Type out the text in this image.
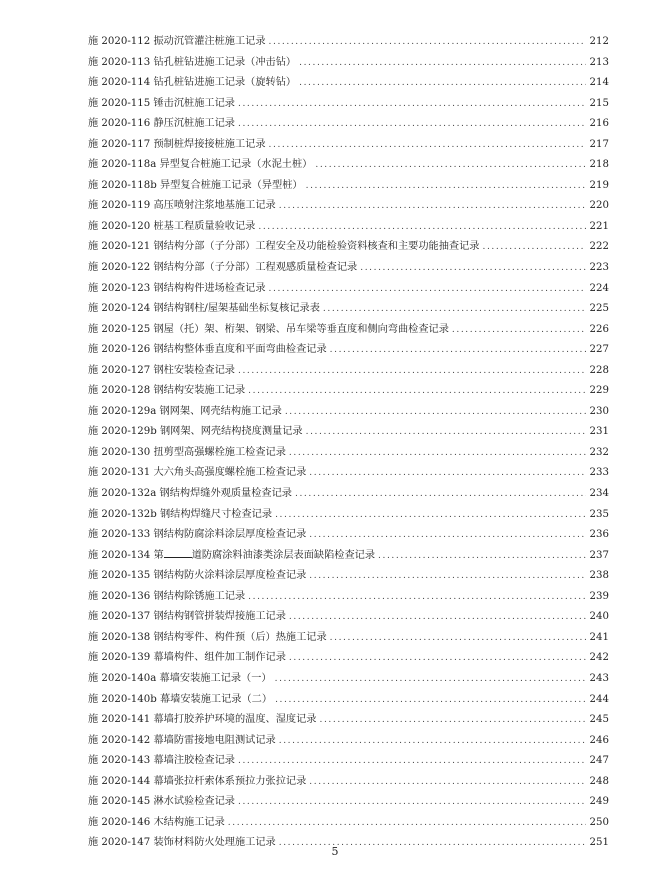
施 2020-112 振动沉管灌注桩施工记录 .....	212
施 2020-113 钻孔桩钻进施工记录（冲击钻） .....	213
施 2020-114 钻孔桩钻进施工记录（旋转钻） .....	214
施 2020-115 锤击沉桩施工记录 .....	215
施 2020-116 静压沉桩施工记录 .....	216
施 2020-117 预制桩焊接接桩施工记录 .....	217
施 2020-118a 异型复合桩施工记录（水泥土桩） .....	218
施 2020-118b 异型复合桩施工记录（异型桩） .....	219
施 2020-119 高压喷射注浆地基施工记录 .....	220
施 2020-120 桩基工程质量验收记录 .....	221
施 2020-121 钢结构分部（子分部）工程安全及功能检验资料核查和主要功能抽查记录 .....	222
施 2020-122 钢结构分部（子分部）工程观感质量检查记录 .....	223
施 2020-123 钢结构构件进场检查记录 .....	224
施 2020-124 钢结构钢柱/屋架基础坐标复核记录表 .....	225
施 2020-125 钢屋（托）架、桁架、钢梁、吊车梁等垂直度和侧向弯曲检查记录 .....	226
施 2020-126 钢结构整体垂直度和平面弯曲检查记录 .....	227
施 2020-127 钢柱安装检查记录 .....	228
施 2020-128 钢结构安装施工记录 .....	229
施 2020-129a 钢网架、网壳结构施工记录 .....	230
施 2020-129b 钢网架、网壳结构挠度测量记录 .....	231
施 2020-130 扭剪型高强螺栓施工检查记录 .....	232
施 2020-131 大六角头高强度螺栓施工检查记录 .....	233
施 2020-132a 钢结构焊缝外观质量检查记录 .....	234
施 2020-132b 钢结构焊缝尺寸检查记录 .....	235
施 2020-133 钢结构防腐涂料涂层厚度检查记录 .....	236
施 2020-134 第	道防腐涂料油漆类涂层表面缺陷检查记录 .....	237
施 2020-135 钢结构防火涂料涂层厚度检查记录 .....	238
施 2020-136 钢结构除锈施工记录 .....	239
施 2020-137 钢结构钢管拼装焊接施工记录 .....	240
施 2020-138 钢结构零件、构件预（后）热施工记录 .....	241
施 2020-139 幕墙构件、组件加工制作记录 .....	242
施 2020-140a 幕墙安装施工记录（一） .....	243
施 2020-140b 幕墙安装施工记录（二） .....	244
施 2020-141 幕墙打胶养护环境的温度、湿度记录 .....	245
施 2020-142 幕墙防雷接地电阻测试记录 .....	246
施 2020-143 幕墙注胶检查记录 .....	247
施 2020-144 幕墙张拉杆索体系预拉力张拉记录 .....	248
施 2020-145 淋水试验检查记录 .....	249
施 2020-146 木结构施工记录 .....	250
施 2020-147 装饰材料防火处理施工记录 .....	251
5
